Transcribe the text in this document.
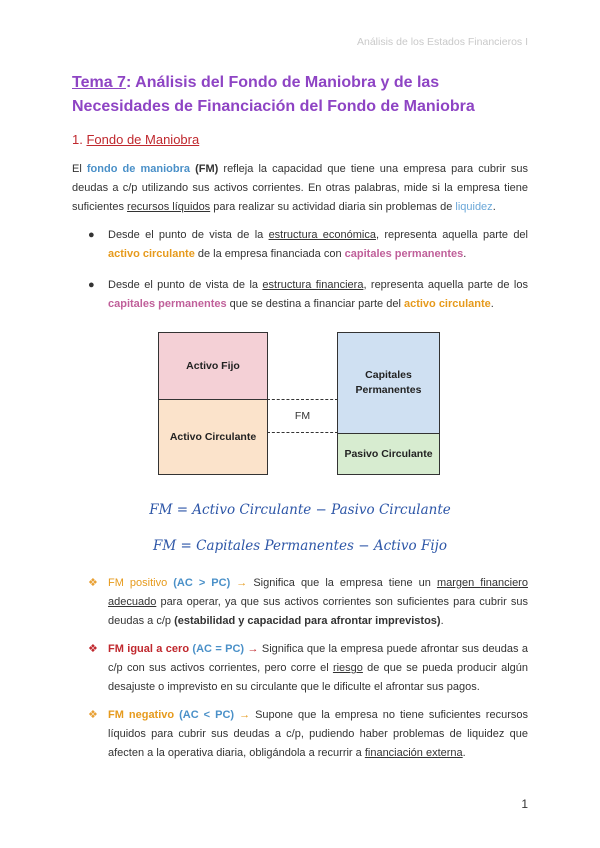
Análisis de los Estados Financieros I
Tema 7: Análisis del Fondo de Maniobra y de las Necesidades de Financiación del Fondo de Maniobra
1. Fondo de Maniobra
El fondo de maniobra (FM) refleja la capacidad que tiene una empresa para cubrir sus deudas a c/p utilizando sus activos corrientes. En otras palabras, mide si la empresa tiene suficientes recursos líquidos para realizar su actividad diaria sin problemas de liquidez.
● Desde el punto de vista de la estructura económica, representa aquella parte del activo circulante de la empresa financiada con capitales permanentes.
● Desde el punto de vista de la estructura financiera, representa aquella parte de los capitales permanentes que se destina a financiar parte del activo circulante.
Activo Fijo
Activo Circulante
Capitales Permanentes
Pasivo Circulante
FM
FM = Activo Circulante − Pasivo Circulante
FM = Capitales Permanentes − Activo Fijo
❖ FM positivo (AC > PC) → Significa que la empresa tiene un margen financiero adecuado para operar, ya que sus activos corrientes son suficientes para cubrir sus deudas a c/p (estabilidad y capacidad para afrontar imprevistos).
❖ FM igual a cero (AC = PC) → Significa que la empresa puede afrontar sus deudas a c/p con sus activos corrientes, pero corre el riesgo de que se pueda producir algún desajuste o imprevisto en su circulante que le dificulte el afrontar sus pagos.
❖ FM negativo (AC < PC) → Supone que la empresa no tiene suficientes recursos líquidos para cubrir sus deudas a c/p, pudiendo haber problemas de liquidez que afecten a la operativa diaria, obligándola a recurrir a financiación externa.
1
